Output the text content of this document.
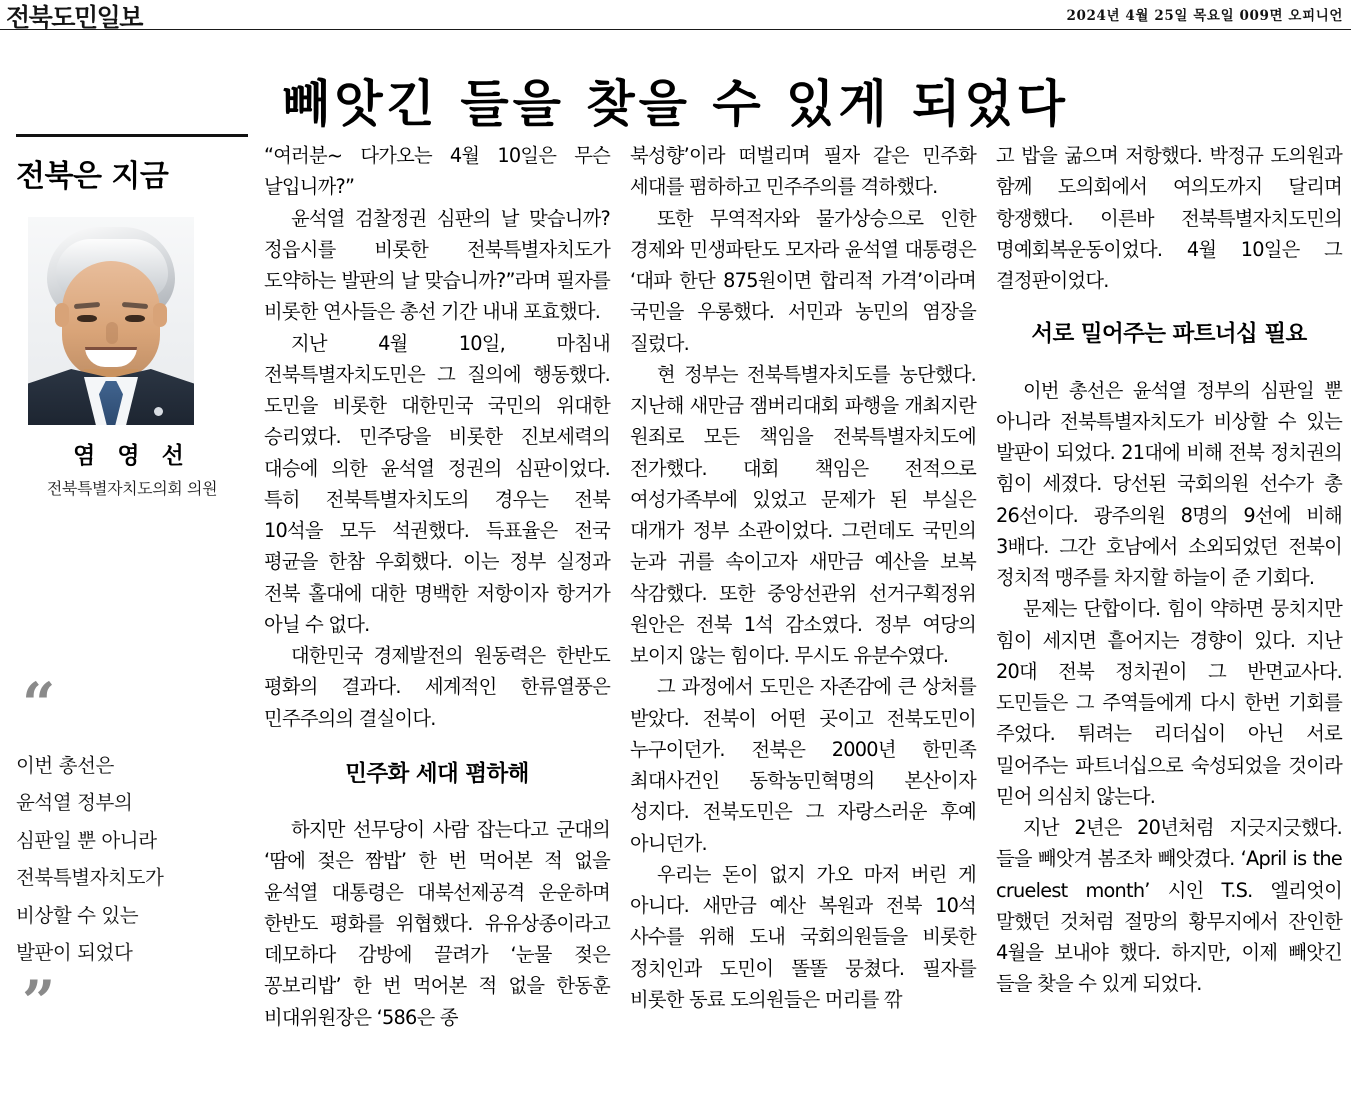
전북도민일보	2024년 4월 25일 목요일 009면 오피니언
빼앗긴 들을 찾을 수 있게 되었다
전북은 지금
염 영 선
전북특별자치도의회 의원
“
이번 총선은
윤석열 정부의
심판일 뿐 아니라
전북특별자치도가
비상할 수 있는
발판이 되었다
”

“여러분~ 다가오는 4월 10일은 무슨 날입니까?”

윤석열 검찰정권 심판의 날 맞습니까? 정읍시를 비롯한 전북특별자치도가 도약하는 발판의 날 맞습니까?”라며 필자를 비롯한 연사들은 총선 기간 내내 포효했다.

지난 4월 10일, 마침내 전북특별자치도민은 그 질의에 행동했다. 도민을 비롯한 대한민국 국민의 위대한 승리였다. 민주당을 비롯한 진보세력의 대승에 의한 윤석열 정권의 심판이었다. 특히 전북특별자치도의 경우는 전북 10석을 모두 석권했다. 득표율은 전국 평균을 한참 우회했다. 이는 정부 실정과 전북 홀대에 대한 명백한 저항이자 항거가 아닐 수 없다.

대한민국 경제발전의 원동력은 한반도 평화의 결과다. 세계적인 한류열풍은 민주주의의 결실이다.

민주화 세대 폄하해

하지만 선무당이 사람 잡는다고 군대의 ‘땀에 젖은 짬밥’ 한 번 먹어본 적 없을 윤석열 대통령은 대북선제공격 운운하며 한반도 평화를 위협했다. 유유상종이라고 데모하다 감방에 끌려가 ‘눈물 젖은 꽁보리밥’ 한 번 먹어본 적 없을 한동훈 비대위원장은 ‘586은 종

북성향’이라 떠벌리며 필자 같은 민주화 세대를 폄하하고 민주주의를 격하했다.

또한 무역적자와 물가상승으로 인한 경제와 민생파탄도 모자라 윤석열 대통령은 ‘대파 한단 875원이면 합리적 가격’이라며 국민을 우롱했다. 서민과 농민의 염장을 질렀다.

현 정부는 전북특별자치도를 농단했다. 지난해 새만금 잼버리대회 파행을 개최지란 원죄로 모든 책임을 전북특별자치도에 전가했다. 대회 책임은 전적으로 여성가족부에 있었고 문제가 된 부실은 대개가 정부 소관이었다. 그런데도 국민의 눈과 귀를 속이고자 새만금 예산을 보복 삭감했다. 또한 중앙선관위 선거구획정위 원안은 전북 1석 감소였다. 정부 여당의 보이지 않는 힘이다. 무시도 유분수였다.

그 과정에서 도민은 자존감에 큰 상처를 받았다. 전북이 어떤 곳이고 전북도민이 누구이던가. 전북은 2000년 한민족 최대사건인 동학농민혁명의 본산이자 성지다. 전북도민은 그 자랑스러운 후예 아니던가.

우리는 돈이 없지 가오 마저 버린 게 아니다. 새만금 예산 복원과 전북 10석 사수를 위해 도내 국회의원들을 비롯한 정치인과 도민이 똘똘 뭉쳤다. 필자를 비롯한 동료 도의원들은 머리를 깎

고 밥을 굶으며 저항했다. 박정규 도의원과 함께 도의회에서 여의도까지 달리며 항쟁했다. 이른바 전북특별자치도민의 명예회복운동이었다. 4월 10일은 그 결정판이었다.

서로 밀어주는 파트너십 필요

이번 총선은 윤석열 정부의 심판일 뿐 아니라 전북특별자치도가 비상할 수 있는 발판이 되었다. 21대에 비해 전북 정치권의 힘이 세졌다. 당선된 국회의원 선수가 총 26선이다. 광주의원 8명의 9선에 비해 3배다. 그간 호남에서 소외되었던 전북이 정치적 맹주를 차지할 하늘이 준 기회다.

문제는 단합이다. 힘이 약하면 뭉치지만 힘이 세지면 흩어지는 경향이 있다. 지난 20대 전북 정치권이 그 반면교사다. 도민들은 그 주역들에게 다시 한번 기회를 주었다. 튀려는 리더십이 아닌 서로 밀어주는 파트너십으로 숙성되었을 것이라 믿어 의심치 않는다.

지난 2년은 20년처럼 지긋지긋했다. 들을 빼앗겨 봄조차 빼앗겼다. ‘April is the cruelest month’ 시인 T.S. 엘리엇이 말했던 것처럼 절망의 황무지에서 잔인한 4월을 보내야 했다. 하지만, 이제 빼앗긴 들을 찾을 수 있게 되었다.
